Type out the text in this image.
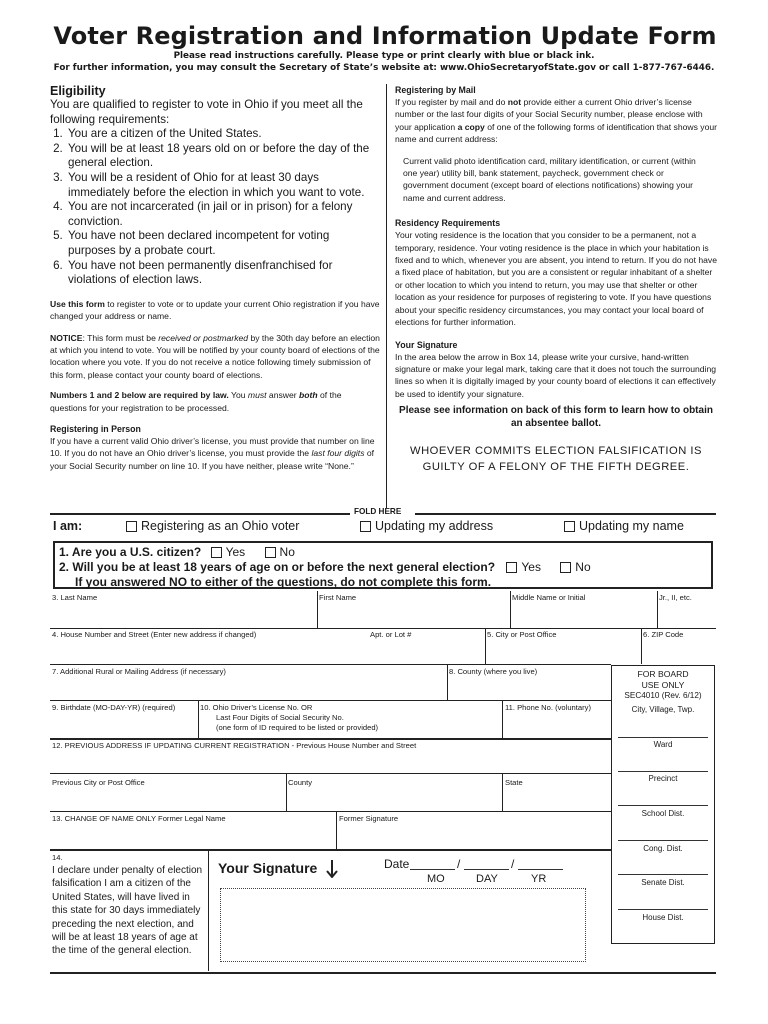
Voter Registration and Information Update Form
Please read instructions carefully. Please type or print clearly with blue or black ink.
For further information, you may consult the Secretary of State’s website at: www.OhioSecretaryofState.gov or call 1-877-767-6446.
Eligibility
You are qualified to register to vote in Ohio if you meet all the following requirements:
1. You are a citizen of the United States.
2. You will be at least 18 years old on or before the day of the general election.
3. You will be a resident of Ohio for at least 30 days immediately before the election in which you want to vote.
4. You are not incarcerated (in jail or in prison) for a felony conviction.
5. You have not been declared incompetent for voting purposes by a probate court.
6. You have not been permanently disenfranchised for violations of election laws.
Use this form to register to vote or to update your current Ohio registration if you have changed your address or name.
NOTICE: This form must be received or postmarked by the 30th day before an election at which you intend to vote. You will be notified by your county board of elections of the location where you vote. If you do not receive a notice following timely submission of this form, please contact your county board of elections.
Numbers 1 and 2 below are required by law. You must answer both of the questions for your registration to be processed.
Registering in Person
If you have a current valid Ohio driver’s license, you must provide that number on line 10. If you do not have an Ohio driver’s license, you must provide the last four digits of your Social Security number on line 10. If you have neither, please write “None.”
Registering by Mail
If you register by mail and do not provide either a current Ohio driver’s license number or the last four digits of your Social Security number, please enclose with your application a copy of one of the following forms of identification that shows your name and current address:
Current valid photo identification card, military identification, or current (within one year) utility bill, bank statement, paycheck, government check or government document (except board of elections notifications) showing your name and current address.
Residency Requirements
Your voting residence is the location that you consider to be a permanent, not a temporary, residence. Your voting residence is the place in which your habitation is fixed and to which, whenever you are absent, you intend to return. If you do not have a fixed place of habitation, but you are a consistent or regular inhabitant of a shelter or other location to which you intend to return, you may use that shelter or other location as your residence for purposes of registering to vote. If you have questions about your specific residency circumstances, you may contact your local board of elections for further information.
Your Signature
In the area below the arrow in Box 14, please write your cursive, hand-written signature or make your legal mark, taking care that it does not touch the surrounding lines so when it is digitally imaged by your county board of elections it can effectively be used to identify your signature.
Please see information on back of this form to learn how to obtain an absentee ballot.
WHOEVER COMMITS ELECTION FALSIFICATION IS GUILTY OF A FELONY OF THE FIFTH DEGREE.
FOLD HERE
I am:	Registering as an Ohio voter	Updating my address	Updating my name
1. Are you a U.S. citizen? Yes	No
2. Will you be at least 18 years of age on or before the next general election? Yes	No
If you answered NO to either of the questions, do not complete this form.
3. Last Name	First Name	Middle Name or Initial	Jr., II, etc.
4. House Number and Street (Enter new address if changed)	Apt. or Lot #	5. City or Post Office	6. ZIP Code
7. Additional Rural or Mailing Address (if necessary)	8. County (where you live)
9. Birthdate (MO-DAY-YR) (required)	10. Ohio Driver’s License No. OR
Last Four Digits of Social Security No.
(one form of ID required to be listed or provided)
11. Phone No. (voluntary)
12. PREVIOUS ADDRESS IF UPDATING CURRENT REGISTRATION - Previous House Number and Street
Previous City or Post Office	County	State
13. CHANGE OF NAME ONLY Former Legal Name	Former Signature
14.
I declare under penalty of election falsification I am a citizen of the United States, will have lived in this state for 30 days immediately preceding the next election, and will be at least 18 years of age at the time of the general election.
Your Signature	Date	/	/
MO	DAY	YR
FOR BOARD
USE ONLY
SEC4010 (Rev. 6/12)
City, Village, Twp.
Ward
Precinct
School Dist.
Cong. Dist.
Senate Dist.
House Dist.
